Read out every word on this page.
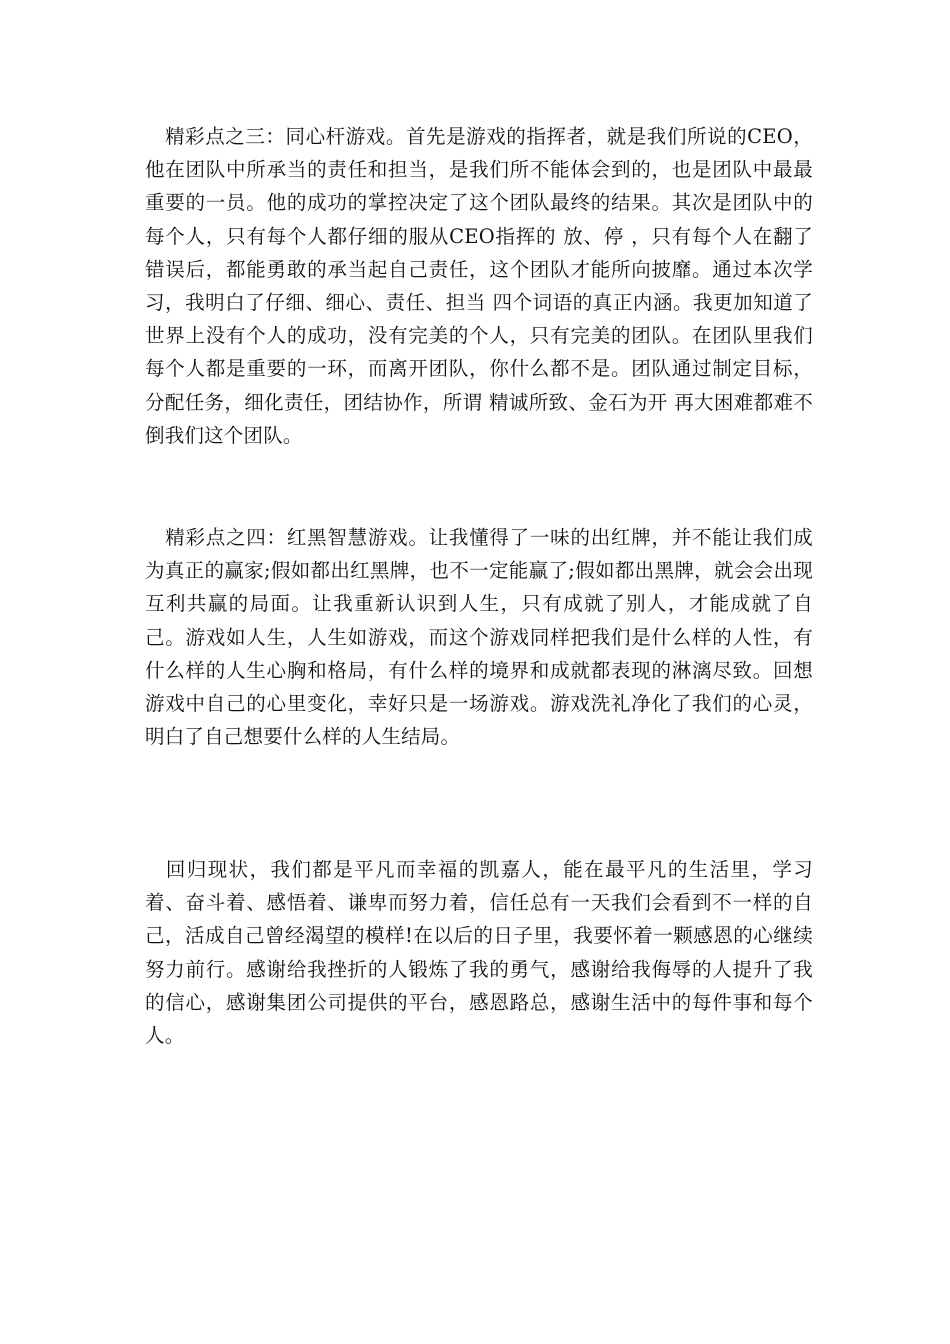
　精彩点之三：同心杆游戏。首先是游戏的指挥者，就是我们所说的CEO，他在团队中所承当的责任和担当，是我们所不能体会到的，也是团队中最最重要的一员。他的成功的掌控决定了这个团队最终的结果。其次是团队中的每个人，只有每个人都仔细的服从CEO指挥的 放、停 ，只有每个人在翻了错误后，都能勇敢的承当起自己责任，这个团队才能所向披靡。通过本次学习，我明白了仔细、细心、责任、担当 四个词语的真正内涵。我更加知道了世界上没有个人的成功，没有完美的个人，只有完美的团队。在团队里我们每个人都是重要的一环，而离开团队，你什么都不是。团队通过制定目标，分配任务，细化责任，团结协作，所谓 精诚所致、金石为开 再大困难都难不倒我们这个团队。

　精彩点之四：红黑智慧游戏。让我懂得了一味的出红牌，并不能让我们成为真正的赢家;假如都出红黑牌，也不一定能赢了;假如都出黑牌，就会会出现互利共赢的局面。让我重新认识到人生，只有成就了别人，才能成就了自己。游戏如人生，人生如游戏，而这个游戏同样把我们是什么样的人性，有什么样的人生心胸和格局，有什么样的境界和成就都表现的淋漓尽致。回想游戏中自己的心里变化，幸好只是一场游戏。游戏洗礼净化了我们的心灵，明白了自己想要什么样的人生结局。

　回归现状，我们都是平凡而幸福的凯嘉人，能在最平凡的生活里，学习着、奋斗着、感悟着、谦卑而努力着，信任总有一天我们会看到不一样的自己，活成自己曾经渴望的模样!在以后的日子里，我要怀着一颗感恩的心继续努力前行。感谢给我挫折的人锻炼了我的勇气，感谢给我侮辱的人提升了我的信心，感谢集团公司提供的平台，感恩路总，感谢生活中的每件事和每个人。
